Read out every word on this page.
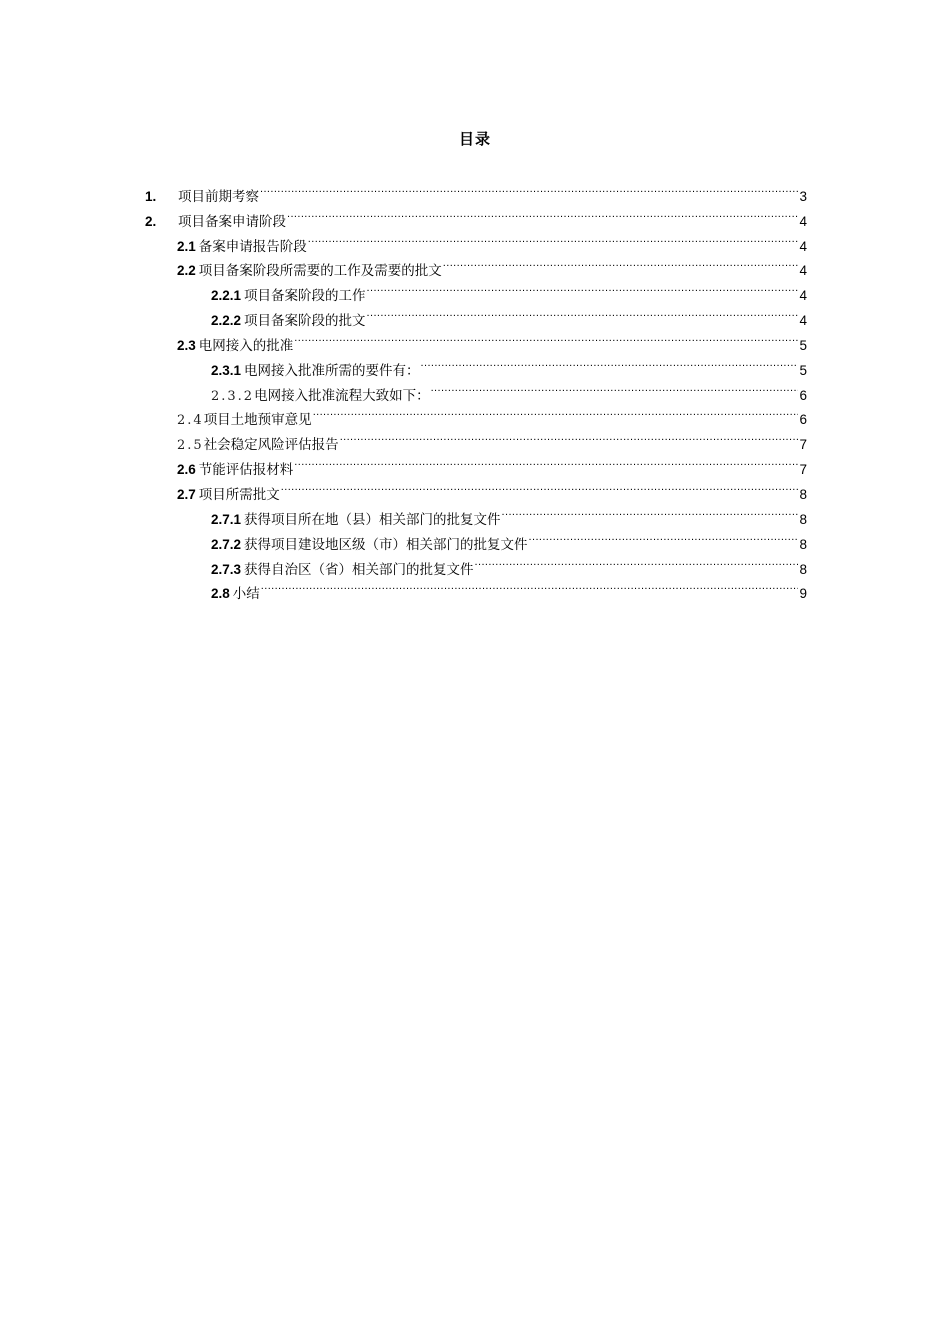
目录
1.	项目前期考察 .....	3
2.	项目备案申请阶段 .....	4
2.1 备案申请报告阶段 .....	4
2.2 项目备案阶段所需要的工作及需要的批文 .....	4
2.2.1 项目备案阶段的工作 .....	4
2.2.2 项目备案阶段的批文 .....	4
2.3 电网接入的批准 .....	5
2.3.1 电网接入批准所需的要件有： .....	5
2.3.2 电网接入批准流程大致如下： .....	6
2.4 项目土地预审意见 .....	6
2.5 社会稳定风险评估报告 .....	7
2.6 节能评估报材料 .....	7
2.7 项目所需批文 .....	8
2.7.1 获得项目所在地（县）相关部门的批复文件 .....	8
2.7.2 获得项目建设地区级（市）相关部门的批复文件 .....	8
2.7.3 获得自治区（省）相关部门的批复文件 .....	8
2.8 小结 .....	9
